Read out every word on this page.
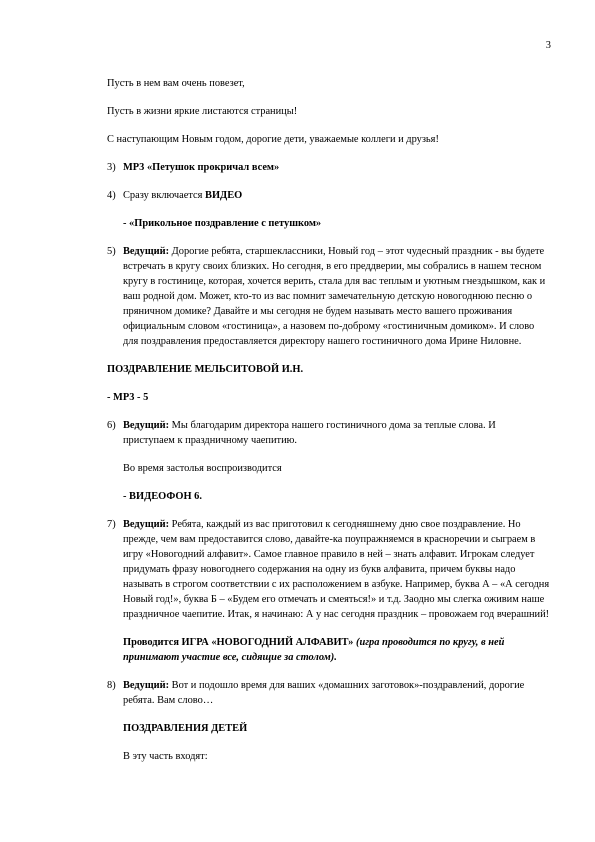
3

Пусть в нем вам очень повезет,

Пусть в жизни яркие листаются страницы!

С наступающим Новым годом, дорогие дети, уважаемые коллеги и друзья!

3) МР3 «Петушок прокричал всем»
4) Сразу включается ВИДЕО

- «Прикольное поздравление с петушком»

5) Ведущий: Дорогие ребята, старшеклассники, Новый год – этот чудесный праздник - вы будете встречать в кругу своих близких. Но сегодня, в его преддверии, мы собрались в нашем тесном кругу в гостинице, которая, хочется верить, стала для вас теплым и уютным гнездышком, как и ваш родной дом. Может, кто-то из вас помнит замечательную детскую новогоднюю песню о пряничном домике? Давайте и мы сегодня не будем называть место вашего проживания официальным словом «гостиница», а назовем по-доброму «гостиничным домиком». И слово для поздравления предоставляется директору нашего гостиничного дома Ирине Ниловне.

ПОЗДРАВЛЕНИЕ МЕЛЬСИТОВОЙ И.Н.

- МР3 - 5

6) Ведущий: Мы благодарим директора нашего гостиничного дома за теплые слова. И приступаем к праздничному чаепитию.

Во время застолья воспроизводится

- ВИДЕОФОН 6.

7) Ведущий: Ребята, каждый из вас приготовил к сегодняшнему дню свое поздравление. Но прежде, чем вам предоставится слово, давайте-ка поупражняемся в красноречии и сыграем в игру «Новогодний алфавит». Самое главное правило в ней – знать алфавит. Игрокам следует придумать фразу новогоднего содержания на одну из букв алфавита, причем буквы надо называть в строгом соответствии с их расположением в азбуке. Например, буква А – «А сегодня Новый год!», буква Б – «Будем его отмечать и смеяться!» и т.д. Заодно мы слегка оживим наше праздничное чаепитие. Итак, я начинаю: А у нас сегодня праздник – провожаем год вчерашний!

Проводится ИГРА «НОВОГОДНИЙ АЛФАВИТ» (игра проводится по кругу, в ней принимают участие все, сидящие за столом).

8) Ведущий: Вот и подошло время для ваших «домашних заготовок»-поздравлений, дорогие ребята. Вам слово…

ПОЗДРАВЛЕНИЯ ДЕТЕЙ

В эту часть входят:
